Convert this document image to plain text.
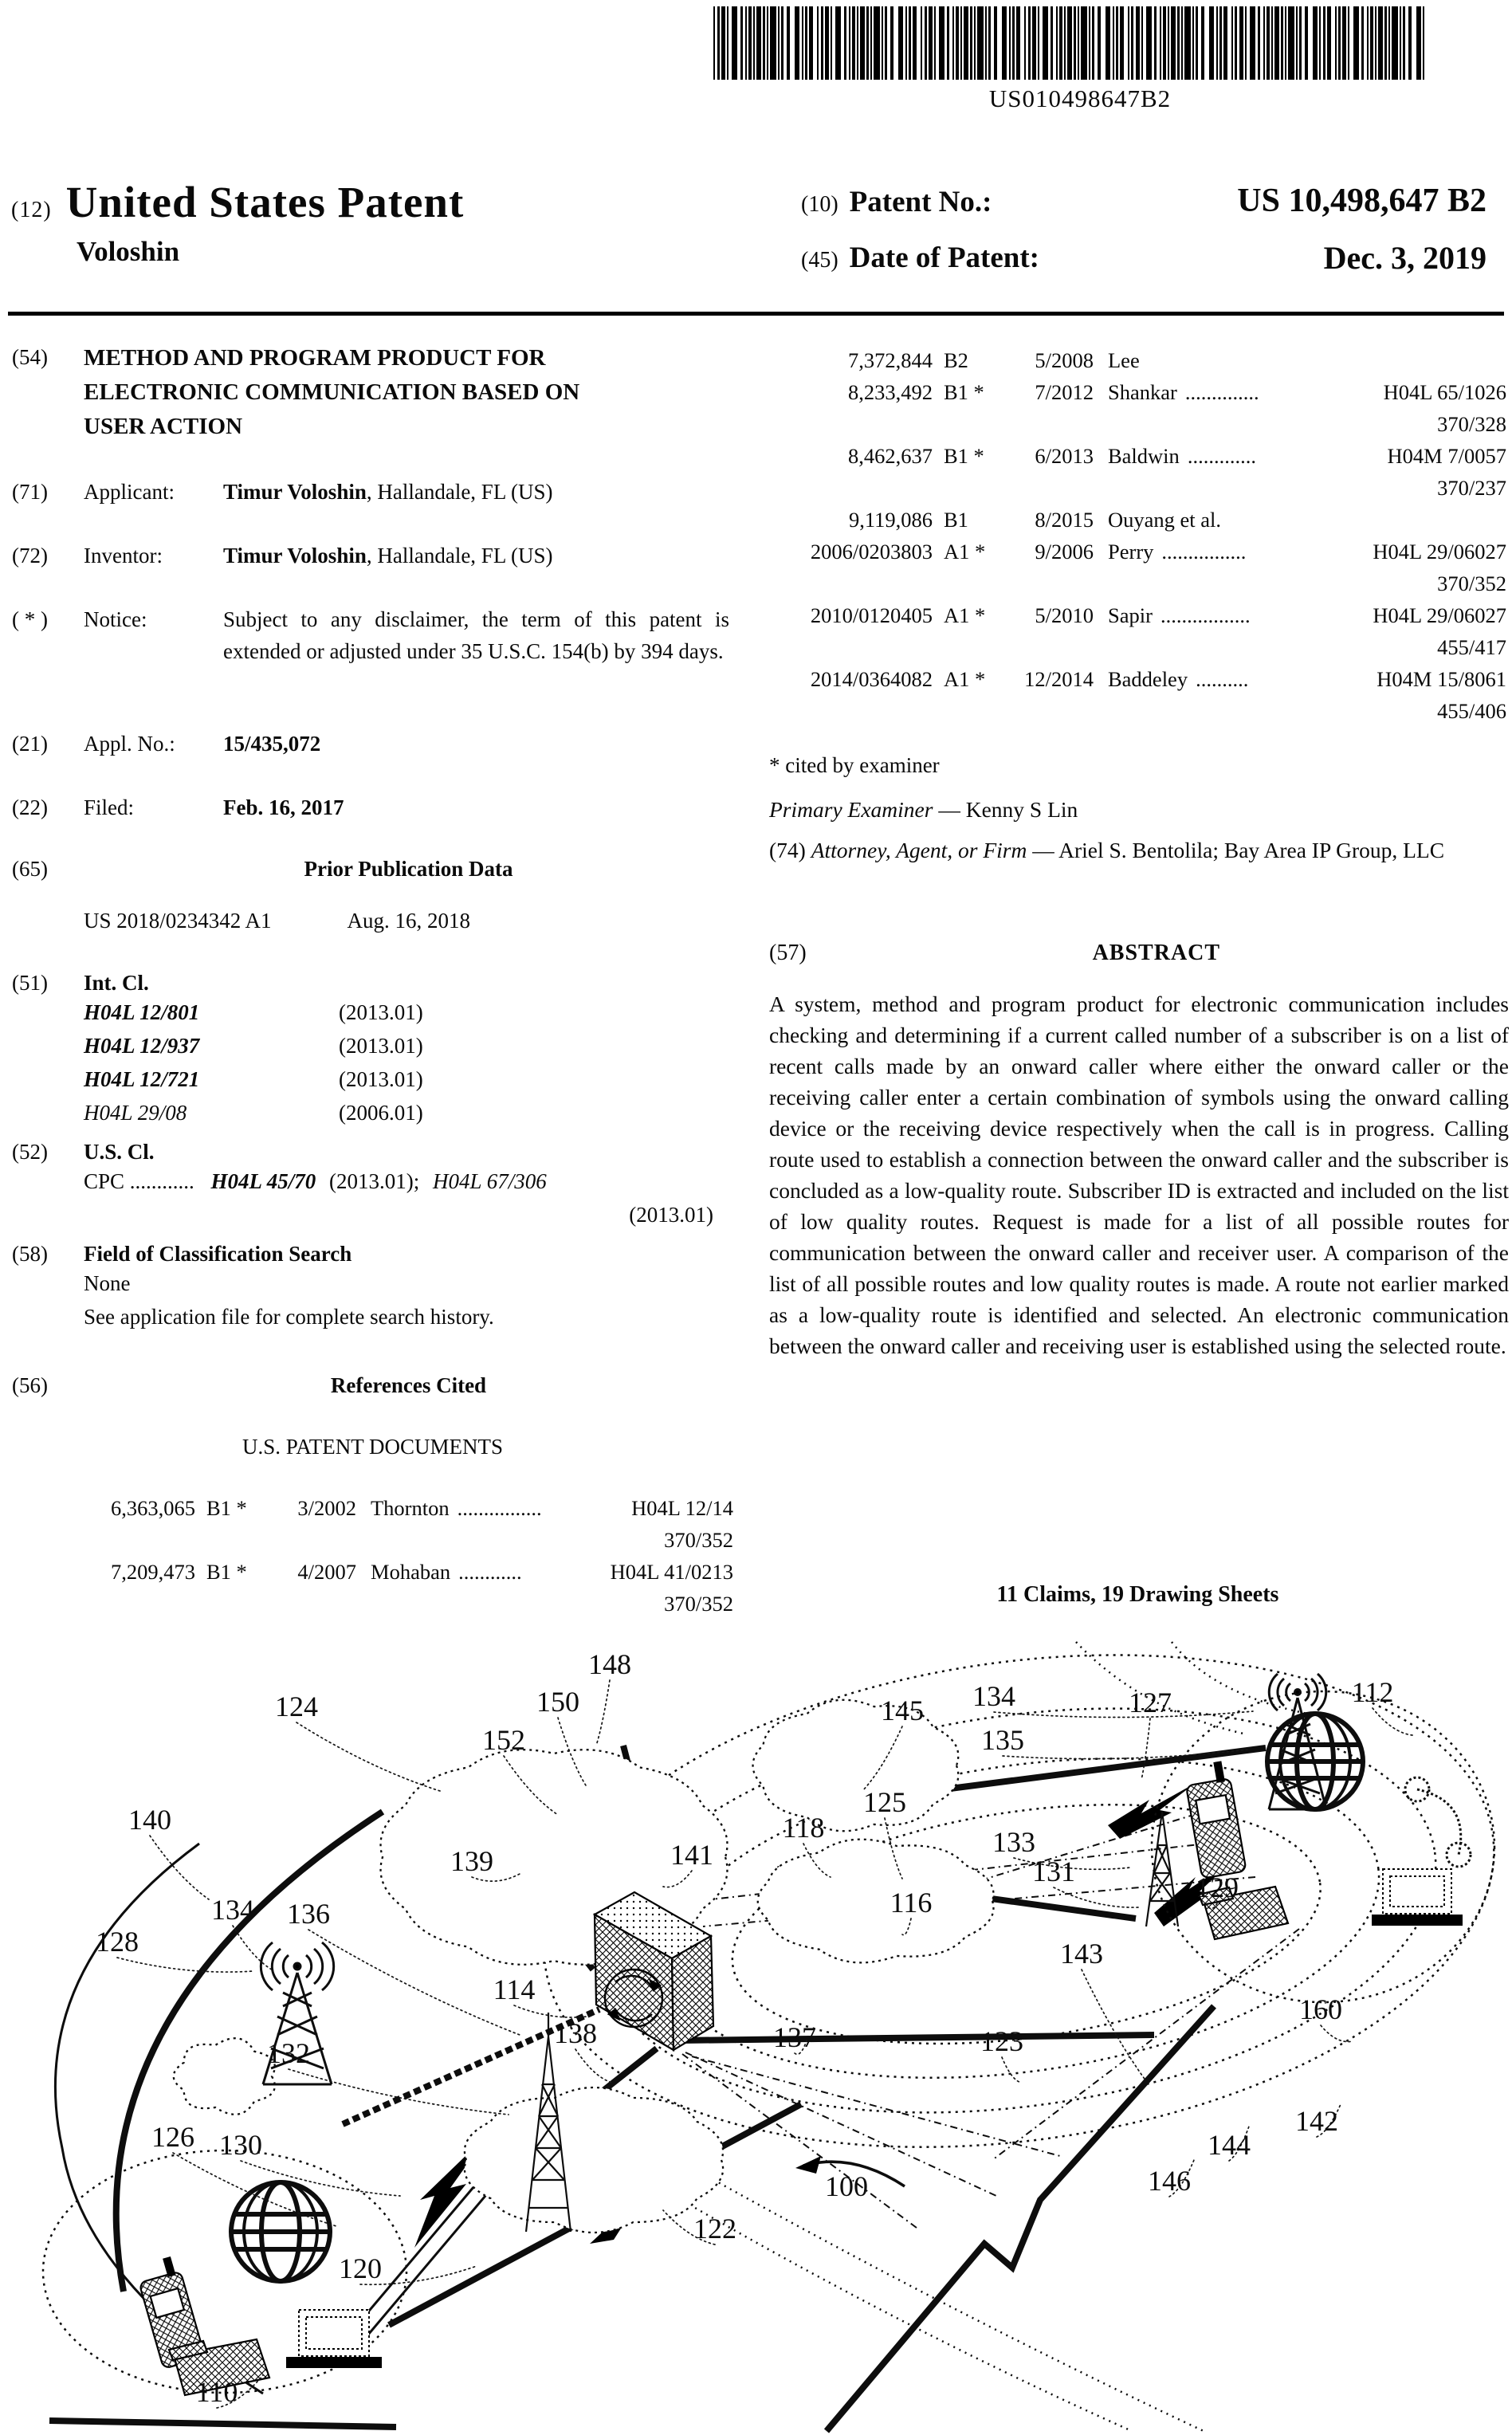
US010498647B2
(12) United States Patent
Voloshin
(10) Patent No.:	US 10,498,647 B2
(45) Date of Patent:	Dec. 3, 2019
(54)	METHOD AND PROGRAM PRODUCT FOR ELECTRONIC COMMUNICATION BASED ON USER ACTION
(71)	Applicant:	Timur Voloshin, Hallandale, FL (US)
(72)	Inventor:	Timur Voloshin, Hallandale, FL (US)
( * )	Notice:	Subject to any disclaimer, the term of this patent is extended or adjusted under 35 U.S.C. 154(b) by 394 days.
(21)	Appl. No.:	15/435,072
(22)	Filed:	Feb. 16, 2017
(65)	Prior Publication Data
US 2018/0234342 A1	Aug. 16, 2018
(51)	Int. Cl.
H04L 12/801	(2013.01)
H04L 12/937	(2013.01)
H04L 12/721	(2013.01)
H04L 29/08	(2006.01)
(52)	U.S. Cl.
CPC ............ H04L 45/70 (2013.01); H04L 67/306
(2013.01)
(58)	Field of Classification Search
None
See application file for complete search history.
(56)	References Cited
U.S. PATENT DOCUMENTS
6,363,065 B1 *	3/2002 Thornton ................	H04L 12/14
370/352
7,209,473 B1 *	4/2007 Mohaban ............	H04L 41/0213
370/352
7,372,844 B2	5/2008 Lee
8,233,492 B1 *	7/2012 Shankar ..............	H04L 65/1026
370/328
8,462,637 B1 *	6/2013 Baldwin .............	H04M 7/0057
370/237
9,119,086 B1	8/2015 Ouyang et al.
2006/0203803 A1 *	9/2006 Perry ................	H04L 29/06027
370/352
2010/0120405 A1 *	5/2010 Sapir .................	H04L 29/06027
455/417
2014/0364082 A1 *	12/2014 Baddeley ..........	H04M 15/8061
455/406
* cited by examiner
Primary Examiner — Kenny S Lin
(74) Attorney, Agent, or Firm — Ariel S. Bentolila; Bay Area IP Group, LLC
(57)	ABSTRACT
A system, method and program product for electronic communication includes checking and determining if a current called number of a subscriber is on a list of recent calls made by an onward caller where either the onward caller or the receiving caller enter a certain combination of symbols using the onward calling device or the receiving device respectively when the call is in progress. Calling route used to establish a connection between the onward caller and the subscriber is concluded as a low-quality route. Subscriber ID is extracted and included on the list of low quality routes. Request is made for a list of all possible routes for communication between the onward caller and receiver user. A comparison of the list of all possible routes and low quality routes is made. A route not earlier marked as a low-quality route is identified and selected. An electronic communication between the onward caller and receiving user is established using the selected route.
11 Claims, 19 Drawing Sheets
148
150
152
124	145 134	127	112
135
140
125
118
139	141	133
131	129
116
134 136
128	143
114
137	123
160
132
138
126 130
100
122
142
144
146
120
110
